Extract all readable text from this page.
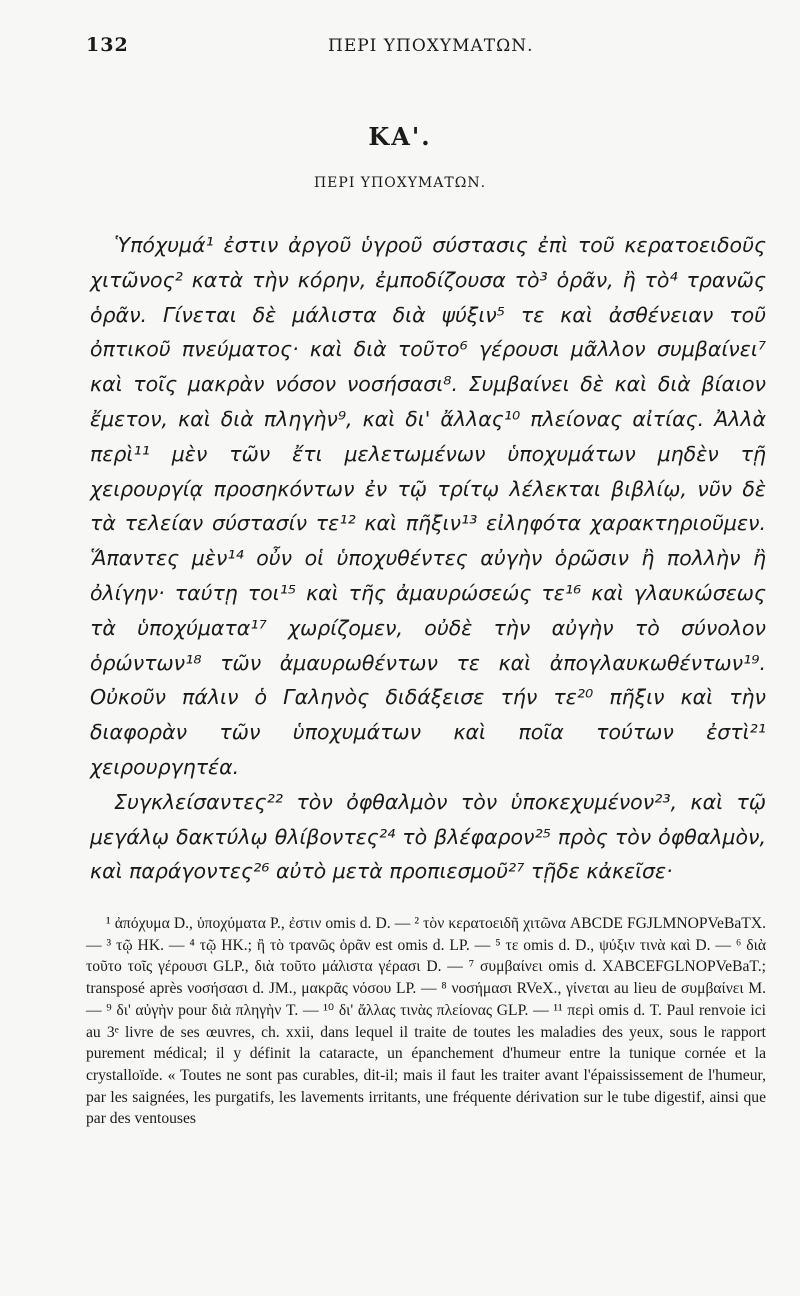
132	ΠΕΡΙ ΥΠΟΧΥΜΑΤΩΝ.
ΚΑ'.
ΠΕΡΙ ΥΠΟΧΥΜΑΤΩΝ.

Ὑπόχυμά¹ ἐστιν ἀργοῦ ὑγροῦ σύστασις ἐπὶ τοῦ κερατοειδοῦς χιτῶνος² κατὰ τὴν κόρην, ἐμποδίζουσα τὸ³ ὁρᾶν, ἢ τὸ⁴ τρανῶς ὁρᾶν. Γίνεται δὲ μάλιστα διὰ ψύξιν⁵ τε καὶ ἀσθένειαν τοῦ ὀπτικοῦ πνεύματος· καὶ διὰ τοῦτο⁶ γέρουσι μᾶλλον συμβαίνει⁷ καὶ τοῖς μακρὰν νόσον νοσήσασι⁸. Συμβαίνει δὲ καὶ διὰ βίαιον ἔμετον, καὶ διὰ πληγὴν⁹, καὶ δι' ἄλλας¹⁰ πλείονας αἰτίας. Ἀλλὰ περὶ¹¹ μὲν τῶν ἔτι μελετωμένων ὑποχυμάτων μηδὲν τῇ χειρουργίᾳ προσηκόντων ἐν τῷ τρίτῳ λέλεκται βιβλίῳ, νῦν δὲ τὰ τελείαν σύστασίν τε¹² καὶ πῆξιν¹³ εἰληφότα χαρακτηριοῦμεν. Ἅπαντες μὲν¹⁴ οὖν οἱ ὑποχυθέντες αὐγὴν ὁρῶσιν ἢ πολλὴν ἢ ὀλίγην· ταύτῃ τοι¹⁵ καὶ τῆς ἀμαυρώσεώς τε¹⁶ καὶ γλαυκώσεως τὰ ὑποχύματα¹⁷ χωρίζομεν, οὐδὲ τὴν αὐγὴν τὸ σύνολον ὁρώντων¹⁸ τῶν ἀμαυρωθέντων τε καὶ ἀπογλαυκωθέντων¹⁹. Οὐκοῦν πάλιν ὁ Γαληνὸς διδάξεισε τήν τε²⁰ πῆξιν καὶ τὴν διαφορὰν τῶν ὑποχυμάτων καὶ ποῖα τούτων ἐστὶ²¹ χειρουργητέα.

Συγκλείσαντες²² τὸν ὀφθαλμὸν τὸν ὑποκεχυμένον²³, καὶ τῷ μεγάλῳ δακτύλῳ θλίβοντες²⁴ τὸ βλέφαρον²⁵ πρὸς τὸν ὀφθαλμὸν, καὶ παράγοντες²⁶ αὐτὸ μετὰ προπιεσμοῦ²⁷ τῇδε κἀκεῖσε·

¹ ἀπόχυμα D., ὑποχύματα P., ἐστιν omis d. D. — ² τὸν κερατοειδῆ χιτῶνα ABCDE FGJLMNOPVeBaTX. — ³ τῷ HK. — ⁴ τῷ HK.; ἢ τὸ τρανῶς ὁρᾶν est omis d. LP. — ⁵ τε omis d. D., ψύξιν τινὰ καὶ D. — ⁶ διὰ τοῦτο τοῖς γέρουσι GLP., διὰ τοῦτο μάλιστα γέρασι D. — ⁷ συμβαίνει omis d. XABCEFGLNOPVeBaT.; transposé après νοσήσασι d. JM., μακρᾶς νόσου LP. — ⁸ νοσήμασι RVeX., γίνεται au lieu de συμβαίνει M. — ⁹ δι' αὐγὴν pour διὰ πληγὴν T. — ¹⁰ δι' ἄλλας τινὰς πλείονας GLP. — ¹¹ περὶ omis d. T. Paul renvoie ici au 3ᵉ livre de ses œuvres, ch. xxii, dans lequel il traite de toutes les maladies des yeux, sous le rapport purement médical; il y définit la cataracte, un épanchement d'humeur entre la tunique cornée et la crystalloïde. « Toutes ne sont pas curables, dit-il; mais il faut les traiter avant l'épaississement de l'humeur, par les saignées, les purgatifs, les lavements irritants, une fréquente dérivation sur le tube digestif, ainsi que par des ventouses
